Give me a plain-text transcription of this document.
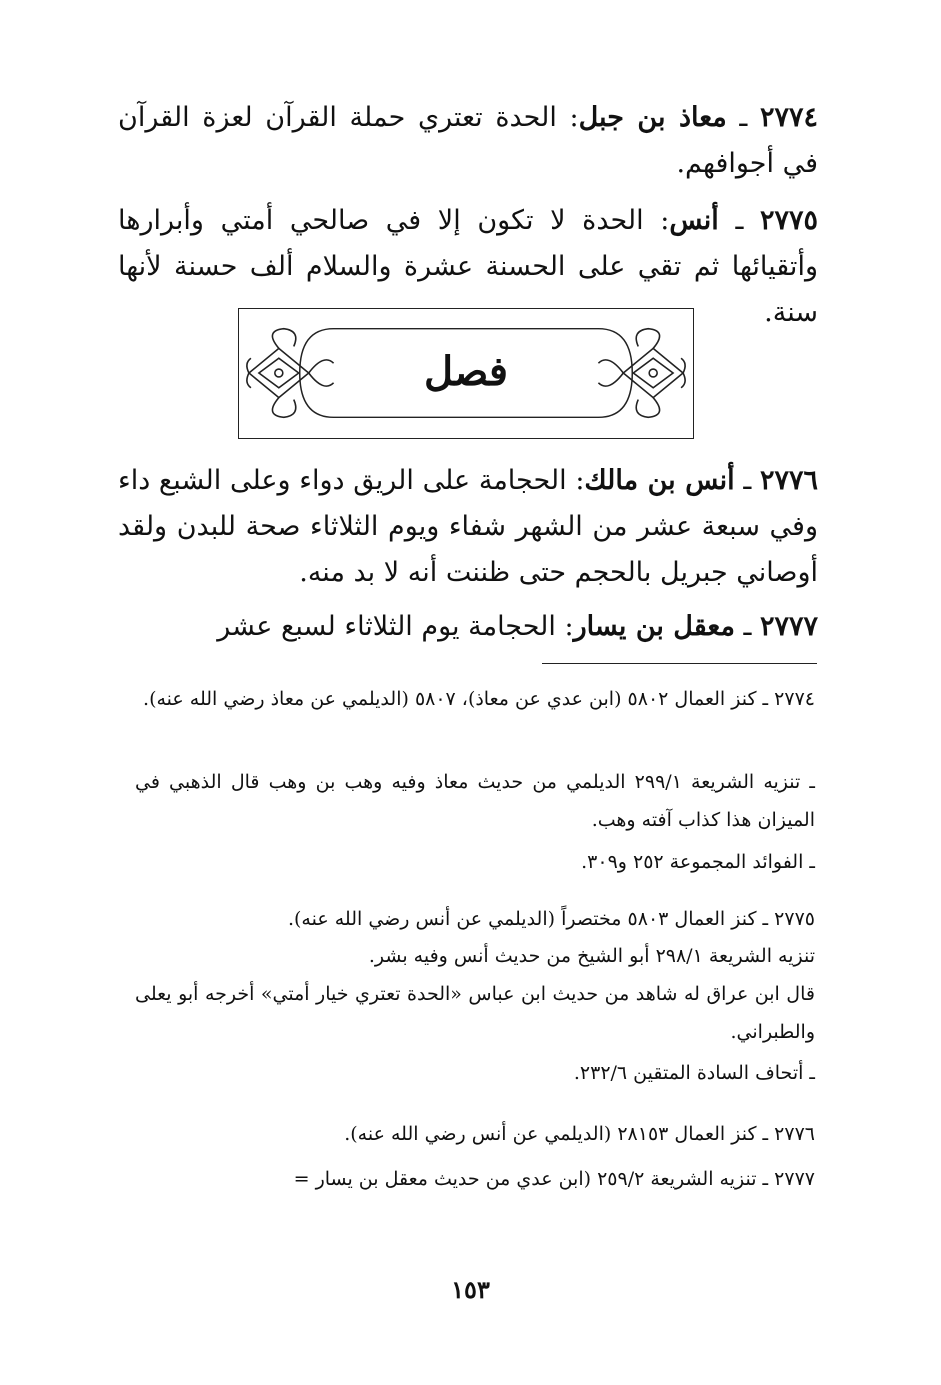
٢٧٧٤ ـ معاذ بن جبل: الحدة تعتري حملة القرآن لعزة القرآن في أجوافهم.
٢٧٧٥ ـ أنس: الحدة لا تكون إلا في صالحي أمتي وأبرارها وأتقيائها ثم تقي على الحسنة عشرة والسلام ألف حسنة لأنها سنة.
فصل
٢٧٧٦ ـ أنس بن مالك: الحجامة على الريق دواء وعلى الشبع داء وفي سبعة عشر من الشهر شفاء ويوم الثلاثاء صحة للبدن ولقد أوصاني جبريل بالحجم حتى ظننت أنه لا بد منه.
٢٧٧٧ ـ معقل بن يسار: الحجامة يوم الثلاثاء لسبع عشر
٢٧٧٤ ـ كنز العمال ٥٨٠٢ (ابن عدي عن معاذ)، ٥٨٠٧ (الديلمي عن معاذ رضي الله عنه).
ـ تنزيه الشريعة ٢٩٩/١ الديلمي من حديث معاذ وفيه وهب بن وهب قال الذهبي في الميزان هذا كذاب آفته وهب.
ـ الفوائد المجموعة ٢٥٢ و٣٠٩.
٢٧٧٥ ـ كنز العمال ٥٨٠٣ مختصراً (الديلمي عن أنس رضي الله عنه).
تنزيه الشريعة ٢٩٨/١ أبو الشيخ من حديث أنس وفيه بشر.
قال ابن عراق له شاهد من حديث ابن عباس «الحدة تعتري خيار أمتي» أخرجه أبو يعلى والطبراني.
ـ أتحاف السادة المتقين ٢٣٢/٦.
٢٧٧٦ ـ كنز العمال ٢٨١٥٣ (الديلمي عن أنس رضي الله عنه).
٢٧٧٧ ـ تنزيه الشريعة ٢٥٩/٢ (ابن عدي من حديث معقل بن يسار =
١٥٣
